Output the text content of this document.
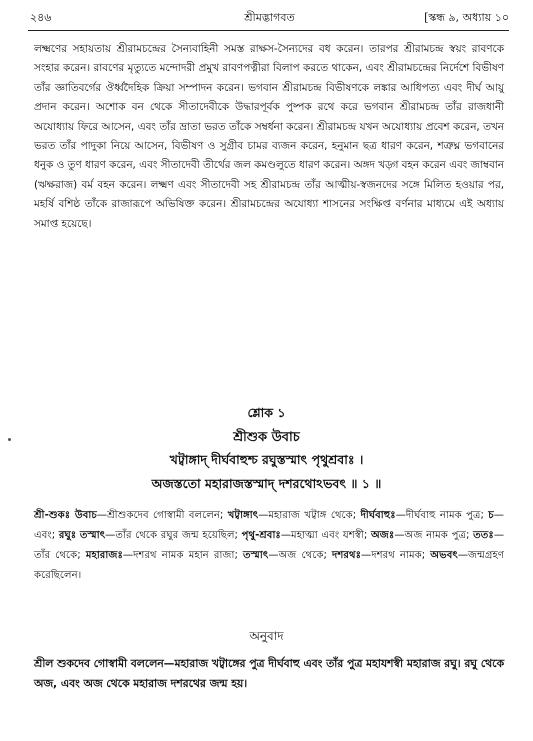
২৪৬	শ্রীমদ্ভাগবত	[স্কন্ধ ৯, অধ্যায় ১০
লক্ষ্মণের সহায়তায় শ্রীরামচন্দ্রের সৈন্যবাহিনী সমস্ত রাক্ষস-সৈন্যদের বধ করেন। তারপর শ্রীরামচন্দ্র স্বয়ং রাবণকে সংহার করেন। রাবণের মৃত্যুতে মন্দোদরী প্রমুখ রাবণপত্নীরা বিলাপ করতে থাকেন, এবং শ্রীরামচন্দ্রের নির্দেশে বিভীষণ তাঁর জ্ঞাতিবর্গের ঔর্ধ্বদৈহিক ক্রিয়া সম্পাদন করেন। ভগবান শ্রীরামচন্দ্র বিভীষণকে লঙ্কার আধিপত্য এবং দীর্ঘ আয়ু প্রদান করেন। অশোক বন থেকে সীতাদেবীকে উদ্ধারপূর্বক পুষ্পক রথে করে ভগবান শ্রীরামচন্দ্র তাঁর রাজধানী অযোধ্যায় ফিরে আসেন, এবং তাঁর ভ্রাতা ভরত তাঁকে সম্বর্ধনা করেন। শ্রীরামচন্দ্র যখন অযোধ্যায় প্রবেশ করেন, তখন ভরত তাঁর পাদুকা নিয়ে আসেন, বিভীষণ ও সুগ্রীব চামর ব্যজন করেন, হনুমান ছত্র ধারণ করেন, শত্রুঘ্ন ভগবানের ধনুক ও তুণ ধারণ করেন, এবং সীতাদেবী তীর্থের জল কমণ্ডলুতে ধারণ করেন। অঙ্গদ খড়্গ বহন করেন এবং জাম্ববান (ঋক্ষরাজ) বর্ম বহন করেন। লক্ষ্মণ এবং সীতাদেবী সহ শ্রীরামচন্দ্র তাঁর আত্মীয়-স্বজনদের সঙ্গে মিলিত হওয়ার পর, মহর্ষি বশিষ্ঠ তাঁকে রাজারূপে অভিষিক্ত করেন। শ্রীরামচন্দ্রের অযোধ্যা শাসনের সংক্ষিপ্ত বর্ণনার মাধ্যমে এই অধ্যায় সমাপ্ত হয়েছে।
শ্লোক ১
শ্রীশুক উবাচ
খট্বাঙ্গাদ্ দীর্ঘবাহুশ্চ রঘুস্তস্মাৎ পৃথুশ্রবাঃ ।
অজস্ততো মহারাজস্তস্মাদ্ দশরথোঽভবৎ ॥ ১ ॥
শ্রী-শুকঃ উবাচ—শ্রীশুকদেব গোস্বামী বললেন; খট্বাঙ্গাৎ—মহারাজ খট্বাঙ্গ থেকে; দীর্ঘবাহুঃ—দীর্ঘবাহু নামক পুত্র; চ—এবং; রঘুঃ তস্মাৎ—তাঁর থেকে রঘুর জন্ম হয়েছিল; পৃথু-শ্রবাঃ—মহাত্মা এবং যশস্বী; অজঃ—অজ নামক পুত্র; ততঃ—তাঁর থেকে; মহারাজঃ—দশরথ নামক মহান রাজা; তস্মাৎ—অজ থেকে; দশরথঃ—দশরথ নামক; অভবৎ—জন্মগ্রহণ করেছিলেন।
অনুবাদ
শ্রীল শুকদেব গোস্বামী বললেন—মহারাজ খট্বাঙ্গের পুত্র দীর্ঘবাহু এবং তাঁর পুত্র মহাযশস্বী মহারাজ রঘু। রঘু থেকে অজ, এবং অজ থেকে মহারাজ দশরথের জন্ম হয়।
